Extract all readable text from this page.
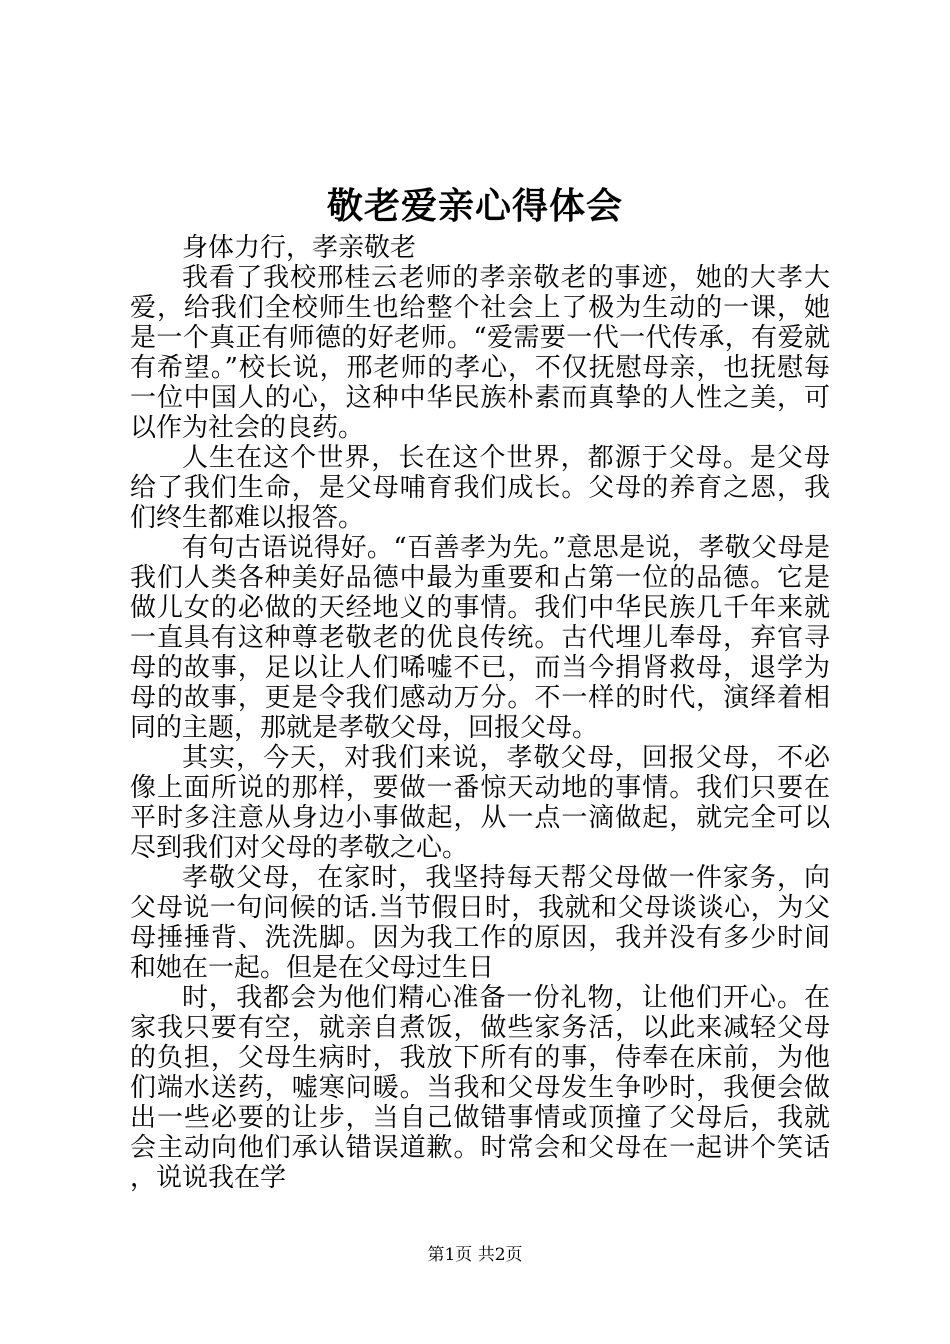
敬老爱亲心得体会

身体力行，孝亲敬老

我看了我校邢桂云老师的孝亲敬老的事迹，她的大孝大爱，给我们全校师生也给整个社会上了极为生动的一课，她是一个真正有师德的好老师。“爱需要一代一代传承，有爱就有希望。”校长说，邢老师的孝心，不仅抚慰母亲，也抚慰每一位中国人的心，这种中华民族朴素而真挚的人性之美，可以作为社会的良药。

人生在这个世界，长在这个世界，都源于父母。是父母给了我们生命，是父母哺育我们成长。父母的养育之恩，我们终生都难以报答。

有句古语说得好。“百善孝为先。”意思是说，孝敬父母是我们人类各种美好品德中最为重要和占第一位的品德。它是做儿女的必做的天经地义的事情。我们中华民族几千年来就一直具有这种尊老敬老的优良传统。古代埋儿奉母，弃官寻母的故事，足以让人们唏嘘不已，而当今捐肾救母，退学为母的故事，更是令我们感动万分。不一样的时代，演绎着相同的主题，那就是孝敬父母，回报父母。

其实，今天，对我们来说，孝敬父母，回报父母，不必像上面所说的那样，要做一番惊天动地的事情。我们只要在平时多注意从身边小事做起，从一点一滴做起，就完全可以尽到我们对父母的孝敬之心。

孝敬父母，在家时，我坚持每天帮父母做一件家务，向父母说一句问候的话.当节假日时，我就和父母谈谈心，为父母捶捶背、洗洗脚。因为我工作的原因，我并没有多少时间和她在一起。但是在父母过生日

时，我都会为他们精心准备一份礼物，让他们开心。在家我只要有空，就亲自煮饭，做些家务活，以此来减轻父母的负担，父母生病时，我放下所有的事，侍奉在床前，为他们端水送药，嘘寒问暖。当我和父母发生争吵时，我便会做出一些必要的让步，当自己做错事情或顶撞了父母后，我就会主动向他们承认错误道歉。时常会和父母在一起讲个笑话，说说我在学

第1页 共2页
